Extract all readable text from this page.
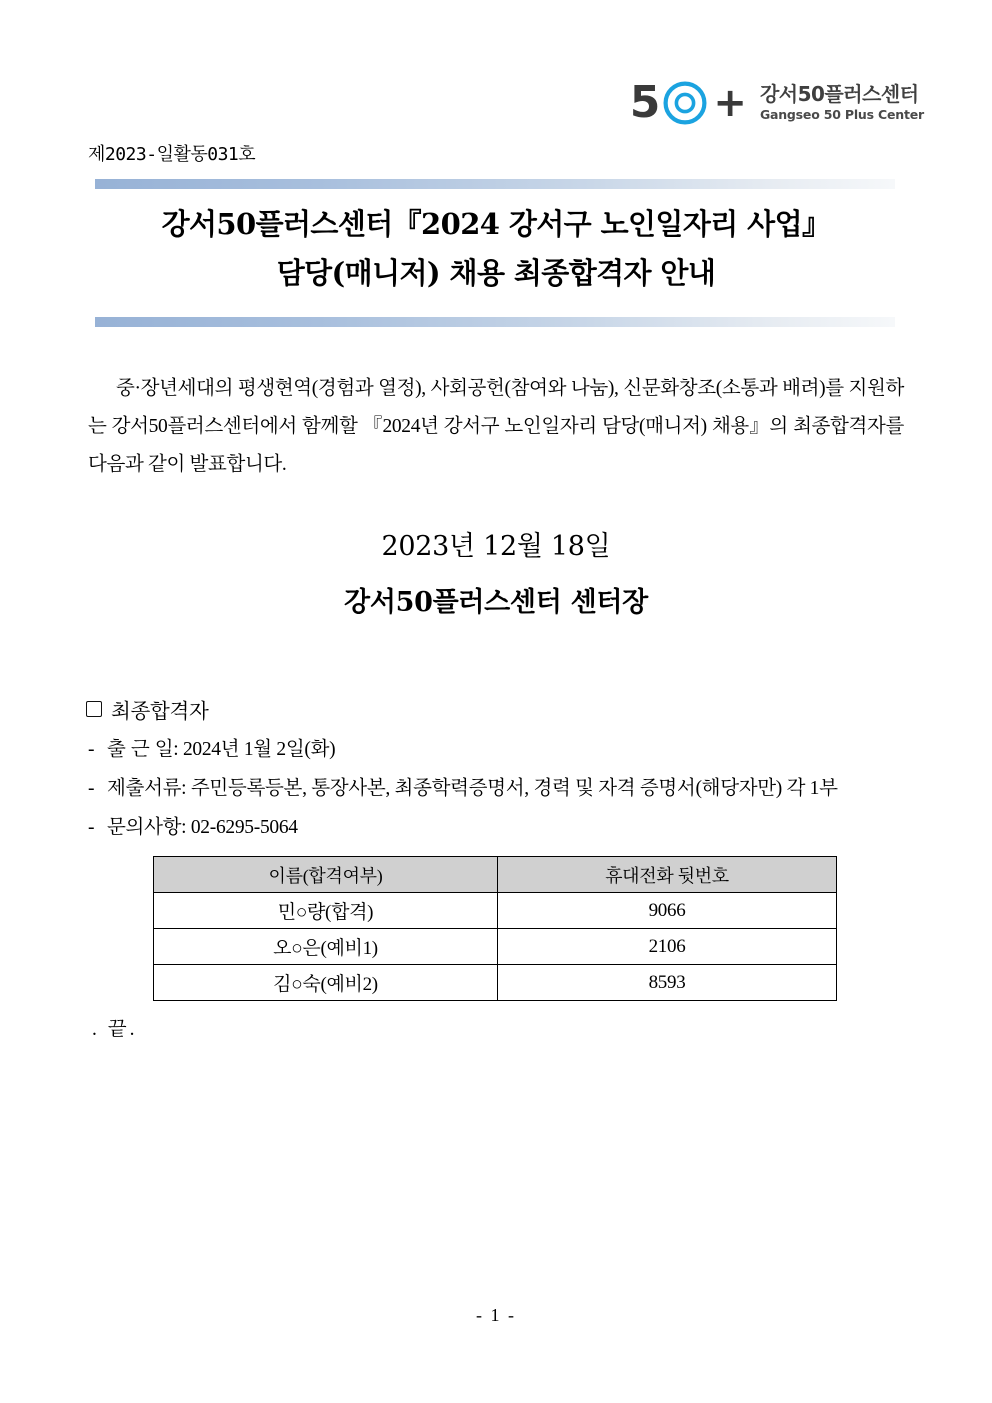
5 + 강서50플러스센터
Gangseo 50 Plus Center
제2023-일활동031호
강서50플러스센터『2024 강서구 노인일자리 사업』
담당(매니저) 채용 최종합격자 안내
중·장년세대의 평생현역(경험과 열정), 사회공헌(참여와 나눔), 신문화창조(소통과 배려)를 지원하는 강서50플러스센터에서 함께할 『2024년 강서구 노인일자리 담당(매니저) 채용』의 최종합격자를 다음과 같이 발표합니다.
2023년 12월 18일
강서50플러스센터 센터장
최종합격자
- 출근일: 2024년 1월 2일(화)
- 제출서류: 주민등록등본, 통장사본, 최종학력증명서, 경력 및 자격 증명서(해당자만) 각 1부
- 문의사항: 02-6295-5064
이름(합격여부)	휴대전화 뒷번호
민○량(합격)	9066
오○은(예비1)	2106
김○숙(예비2)	8593
. 끝.
- 1 -
